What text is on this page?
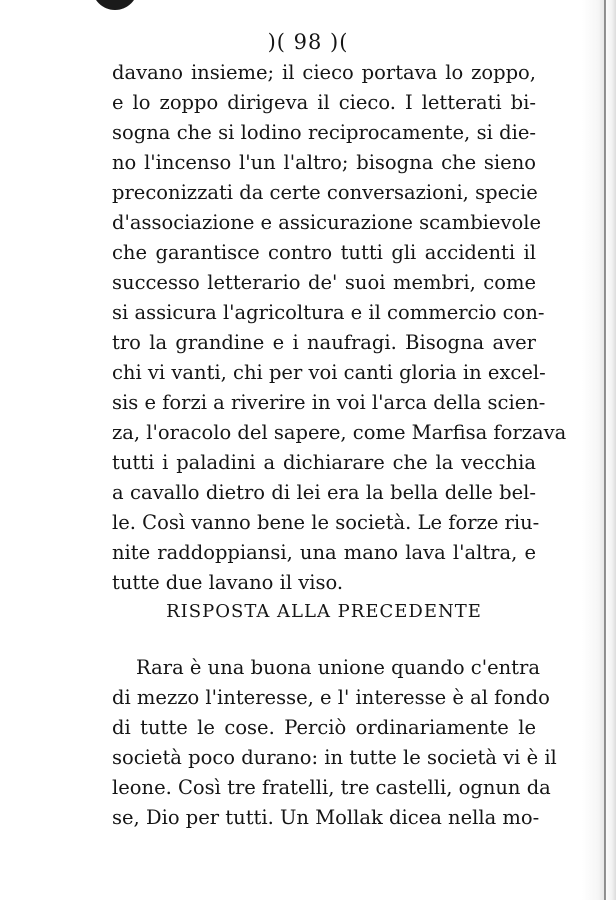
)( 98 )(
davano insieme; il cieco portava lo zoppo,
e lo zoppo dirigeva il cieco. I letterati bi-
sogna che si lodino reciprocamente, si die-
no l'incenso l'un l'altro; bisogna che sieno
preconizzati da certe conversazioni, specie
d'associazione e assicurazione scambievole
che garantisce contro tutti gli accidenti il
successo letterario de' suoi membri, come
si assicura l'agricoltura e il commercio con-
tro la grandine e i naufragi. Bisogna aver
chi vi vanti, chi per voi canti gloria in excel-
sis e forzi a riverire in voi l'arca della scien-
za, l'oracolo del sapere, come Marfisa forzava
tutti i paladini a dichiarare che la vecchia
a cavallo dietro di lei era la bella delle bel-
le. Così vanno bene le società. Le forze riu-
nite raddoppiansi, una mano lava l'altra, e
tutte due lavano il viso.
RISPOSTA ALLA PRECEDENTE
Rara è una buona unione quando c'entra
di mezzo l'interesse, e l' interesse è al fondo
di tutte le cose. Perciò ordinariamente le
società poco durano: in tutte le società vi è il
leone. Così tre fratelli, tre castelli, ognun da
se, Dio per tutti. Un Mollak dicea nella mo-
